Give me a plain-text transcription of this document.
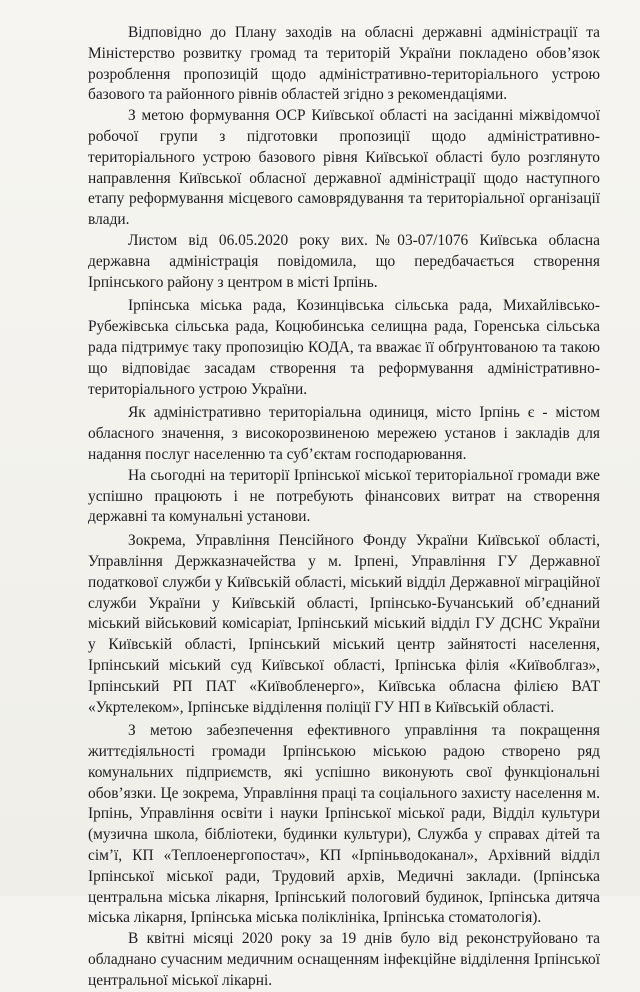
Відповідно до Плану заходів на обласні державні адміністрації та Міністерство розвитку громад та територій України покладено обов’язок розроблення пропозицій щодо адміністративно-територіального устрою базового та районного рівнів областей згідно з рекомендаціями.

З метою формування ОСР Київської області на засіданні міжвідомчої робочої групи з підготовки пропозиції щодо адміністративно-територіального устрою базового рівня Київської області було розглянуто направлення Київської обласної державної адміністрації щодо наступного етапу реформування місцевого самоврядування та територіальної організації влади.

Листом від 06.05.2020 року вих.№03-07/1076 Київська обласна державна адміністрація повідомила, що передбачається створення Ірпінського району з центром в місті Ірпінь.

Ірпінська міська рада, Козинцівська сільська рада, Михайлівсько-Рубежівська сільська рада, Коцюбинська селищна рада, Горенська сільська рада підтримує таку пропозицію КОДА, та вважає її обґрунтованою та такою що відповідає засадам створення та реформування адміністративно-територіального устрою України.

Як адміністративно територіальна одиниця, місто Ірпінь є - містом обласного значення, з високорозвиненою мережею установ і закладів для надання послуг населенню та суб’єктам господарювання.

На сьогодні на території Ірпінської міської територіальної громади вже успішно працюють і не потребують фінансових витрат на створення державні та комунальні установи.

Зокрема, Управління Пенсійного Фонду України Київської області, Управління Держказначейства у м. Ірпені, Управління ГУ Державної податкової служби у Київській області, міський відділ Державної міграційної служби України у Київській області, Ірпінсько-Бучанський об’єднаний міський військовий комісаріат, Ірпінський міський відділ ГУ ДСНС України у Київській області, Ірпінський міський центр зайнятості населення, Ірпінський міський суд Київської області, Ірпінська філія «Київоблгаз», Ірпінський РП ПАТ «Київобленерго», Київська обласна філією ВАТ «Укртелеком», Ірпінське відділення поліції ГУ НП в Київській області.

З метою забезпечення ефективного управління та покращення життєдіяльності громади Ірпінською міською радою створено ряд комунальних підприємств, які успішно виконують свої функціональні обов’язки. Це зокрема, Управління праці та соціального захисту населення м. Ірпінь, Управління освіти і науки Ірпінської міської ради, Відділ культури (музична школа, бібліотеки, будинки культури), Служба у справах дітей та сім’ї, КП «Теплоенергопостач», КП «Ірпіньводоканал», Архівний відділ Ірпінської міської ради, Трудовий архів, Медичні заклади. (Ірпінська центральна міська лікарня, Ірпінський пологовий будинок, Ірпінська дитяча міська лікарня, Ірпінська міська поліклініка, Ірпінська стоматологія).

В квітні місяці 2020 року за 19 днів було від реконструйовано та обладнано сучасним медичним оснащенням інфекційне відділення Ірпінської центральної міської лікарні.
